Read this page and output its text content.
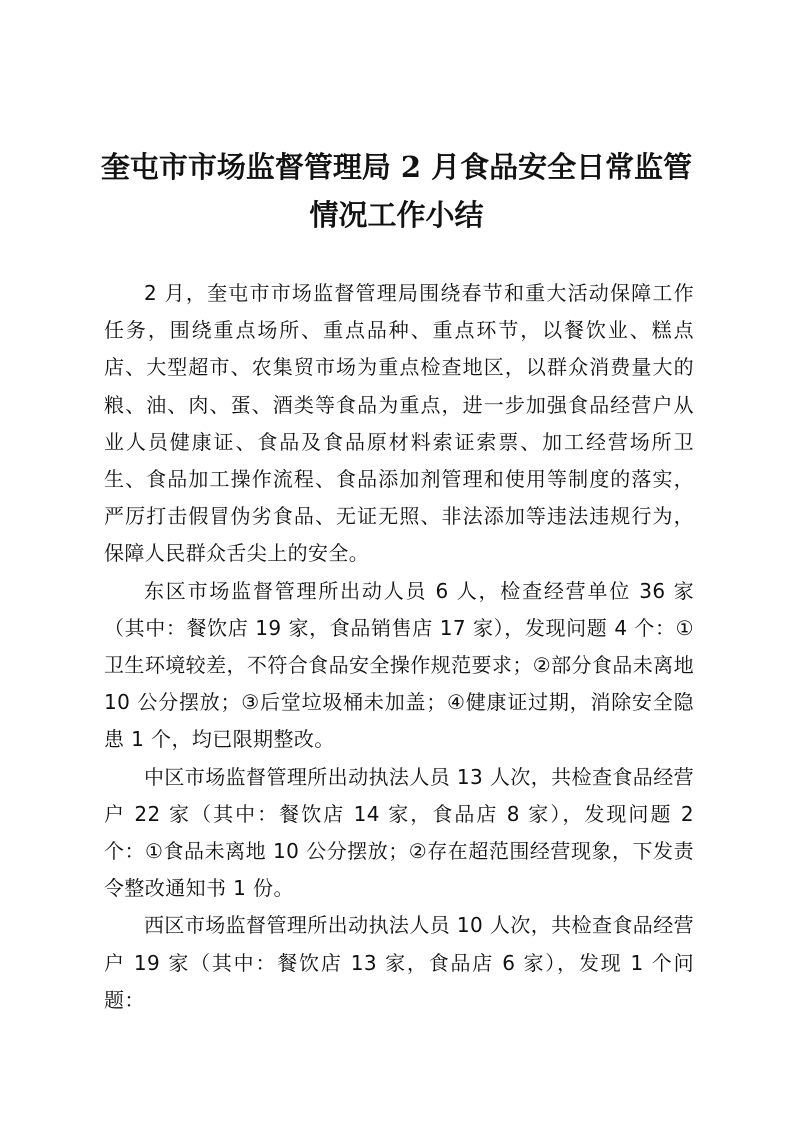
奎屯市市场监督管理局 2 月食品安全日常监管
情况工作小结

2 月，奎屯市市场监督管理局围绕春节和重大活动保障工作任务，围绕重点场所、重点品种、重点环节，以餐饮业、糕点店、大型超市、农集贸市场为重点检查地区，以群众消费量大的粮、油、肉、蛋、酒类等食品为重点，进一步加强食品经营户从业人员健康证、食品及食品原材料索证索票、加工经营场所卫生、食品加工操作流程、食品添加剂管理和使用等制度的落实，严厉打击假冒伪劣食品、无证无照、非法添加等违法违规行为，保障人民群众舌尖上的安全。

东区市场监督管理所出动人员 6 人，检查经营单位 36 家（其中：餐饮店 19 家，食品销售店 17 家），发现问题 4 个：①卫生环境较差，不符合食品安全操作规范要求；②部分食品未离地 10 公分摆放；③后堂垃圾桶未加盖；④健康证过期，消除安全隐患 1 个，均已限期整改。

中区市场监督管理所出动执法人员 13 人次，共检查食品经营户 22 家（其中：餐饮店 14 家，食品店 8 家），发现问题 2 个：①食品未离地 10 公分摆放；②存在超范围经营现象，下发责令整改通知书 1 份。

西区市场监督管理所出动执法人员 10 人次，共检查食品经营户 19 家（其中：餐饮店 13 家，食品店 6 家），发现 1 个问题：
